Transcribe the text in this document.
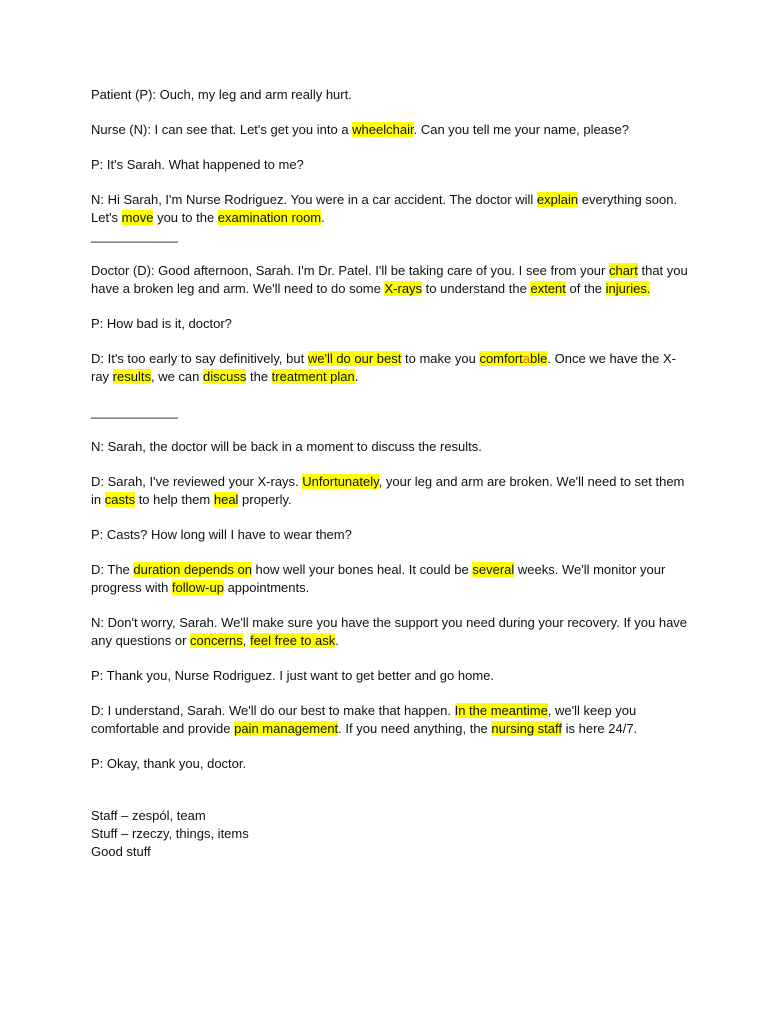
Patient (P): Ouch, my leg and arm really hurt.

Nurse (N): I can see that. Let's get you into a wheelchair. Can you tell me your name, please?

P: It's Sarah. What happened to me?

N: Hi Sarah, I'm Nurse Rodriguez. You were in a car accident. The doctor will explain everything soon. Let's move you to the examination room.

____________

Doctor (D): Good afternoon, Sarah. I'm Dr. Patel. I'll be taking care of you. I see from your chart that you have a broken leg and arm. We'll need to do some X-rays to understand the extent of the injuries.

P: How bad is it, doctor?

D: It's too early to say definitively, but we'll do our best to make you comfortable. Once we have the X-ray results, we can discuss the treatment plan.

____________

N: Sarah, the doctor will be back in a moment to discuss the results.

D: Sarah, I've reviewed your X-rays. Unfortunately, your leg and arm are broken. We'll need to set them in casts to help them heal properly.

P: Casts? How long will I have to wear them?

D: The duration depends on how well your bones heal. It could be several weeks. We'll monitor your progress with follow-up appointments.

N: Don't worry, Sarah. We'll make sure you have the support you need during your recovery. If you have any questions or concerns, feel free to ask.

P: Thank you, Nurse Rodriguez. I just want to get better and go home.

D: I understand, Sarah. We'll do our best to make that happen. In the meantime, we'll keep you comfortable and provide pain management. If you need anything, the nursing staff is here 24/7.

P: Okay, thank you, doctor.

Staff – zespól, team
Stuff – rzeczy, things, items
Good stuff
